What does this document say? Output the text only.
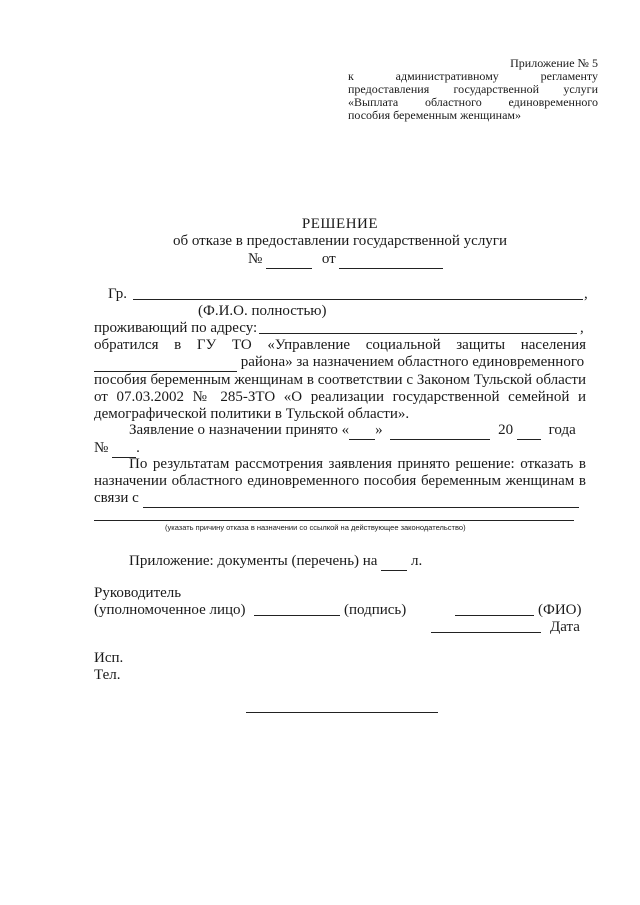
Приложение № 5
к административному регламенту
предоставления государственной услуги
«Выплата областного единовременного
пособия беременным женщинам»
РЕШЕНИЕ
об отказе в предоставлении государственной услуги
№	от
Гр.	,
(Ф.И.О. полностью)
проживающий по адресу:	,
обратился в ГУ ТО «Управление социальной защиты населения
района» за назначением областного единовременного
пособия беременным женщинам в соответствии с Законом Тульской области
от 07.03.2002 № 285-ЗТО «О реализации государственной семейной и
демографической политики в Тульской области».
Заявление о назначении принято « »	20 года
№ .
По результатам рассмотрения заявления принято решение: отказать в
назначении областного единовременного пособия беременным женщинам в
связи с
(указать причину отказа в назначении со ссылкой на действующее законодательство)
Приложение: документы (перечень) на л.
Руководитель
(уполномоченное лицо)	(подпись)	(ФИО)
Дата
Исп.
Тел.
